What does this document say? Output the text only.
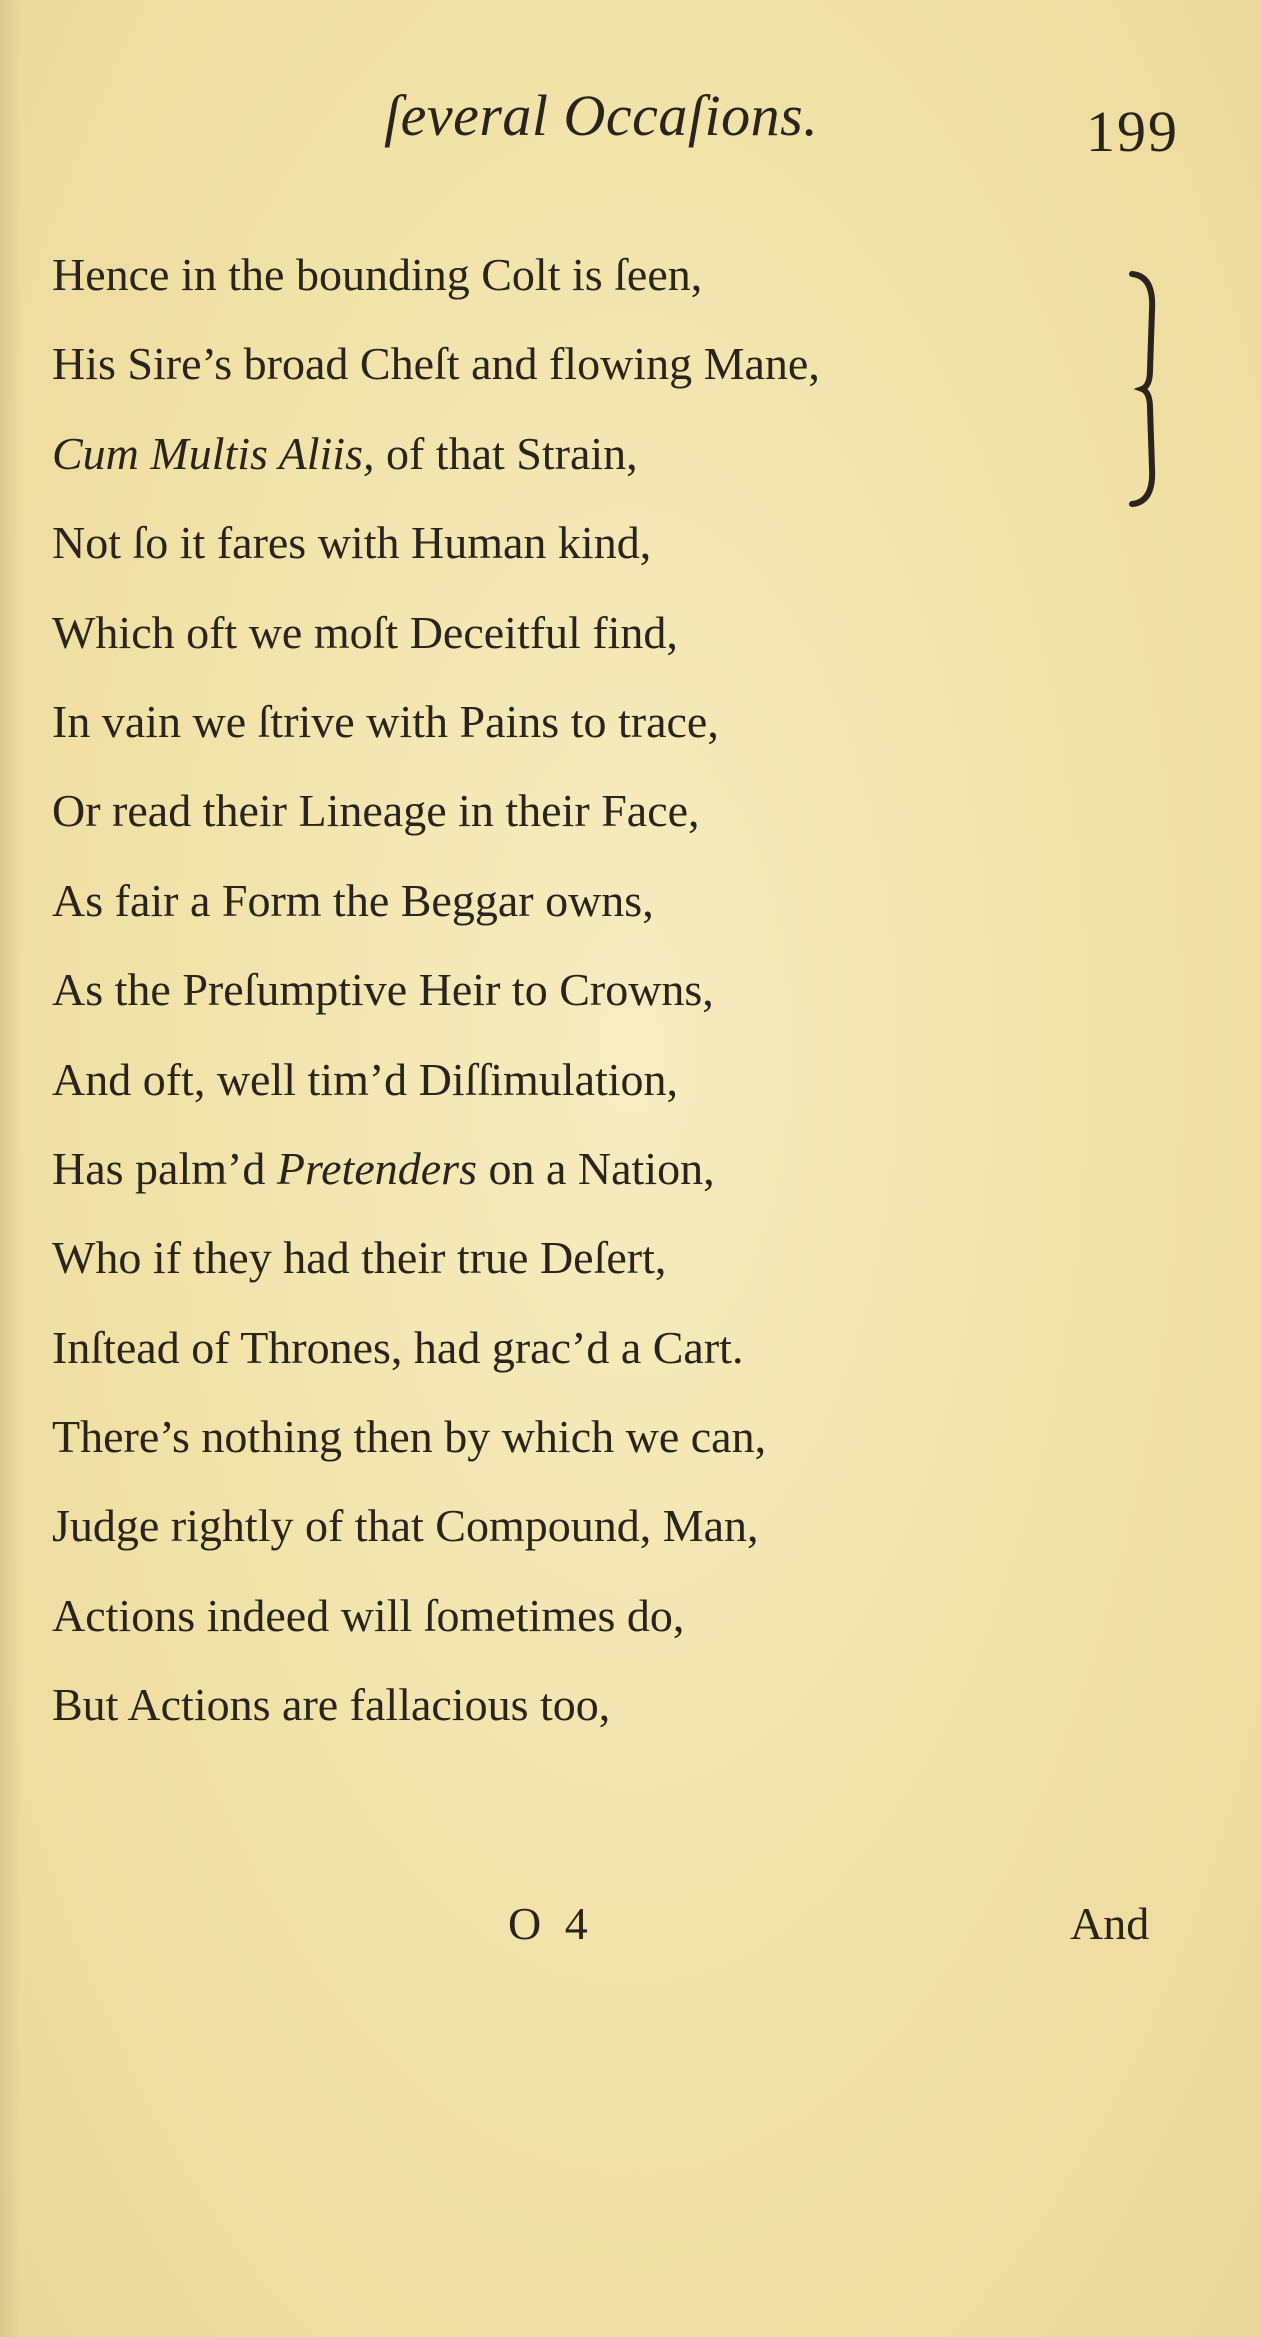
ſeveral Occaſions.	199
Hence in the bounding Colt is ſeen,
His Sire’s broad Cheſt and flowing Mane,
Cum Multis Aliis, of that Strain,
Not ſo it fares with Human kind,
Which oft we moſt Deceitful find,
In vain we ſtrive with Pains to trace,
Or read their Lineage in their Face,
As fair a Form the Beggar owns,
As the Preſumptive Heir to Crowns,
And oft, well tim’d Diſſimulation,
Has palm’d Pretenders on a Nation,
Who if they had their true Deſert,
Inſtead of Thrones, had grac’d a Cart.
There’s nothing then by which we can,
Judge rightly of that Compound, Man,
Actions indeed will ſometimes do,
But Actions are fallacious too,
O 4	And
